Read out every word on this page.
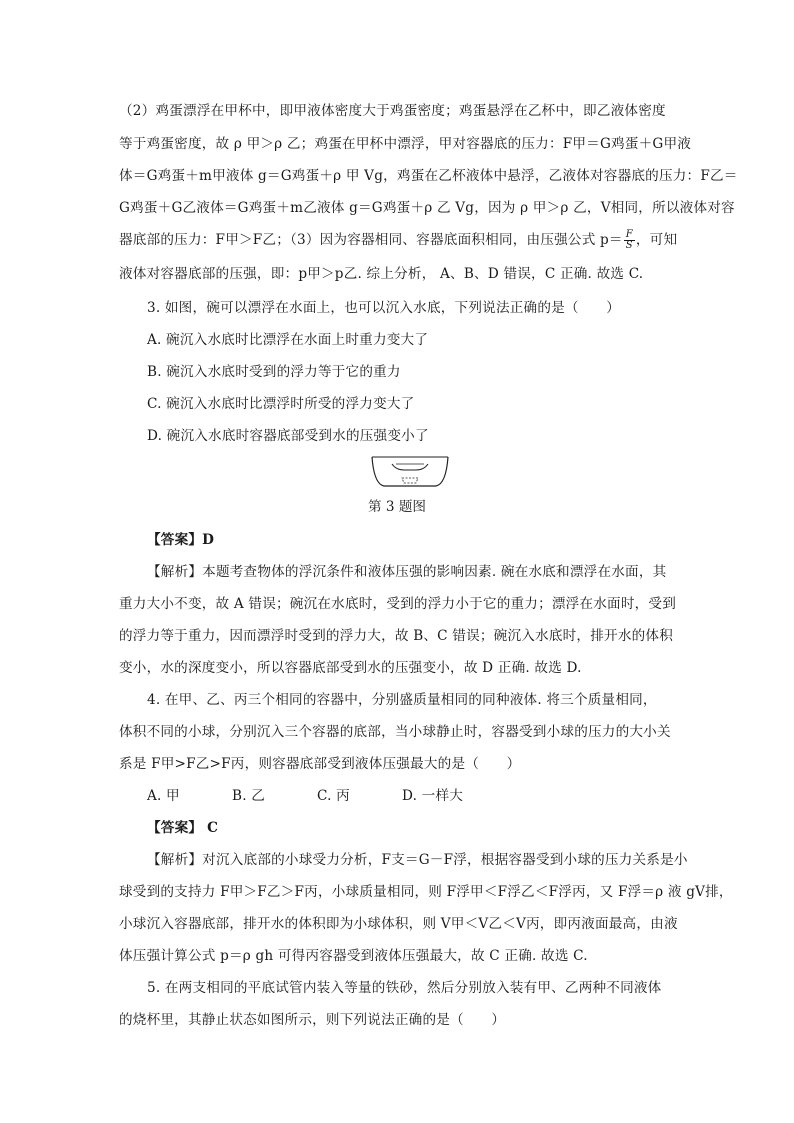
（2）鸡蛋漂浮在甲杯中，即甲液体密度大于鸡蛋密度；鸡蛋悬浮在乙杯中，即乙液体密度
等于鸡蛋密度，故 ρ 甲＞ρ 乙；鸡蛋在甲杯中漂浮，甲对容器底的压力：F甲＝G鸡蛋＋G甲液
体＝G鸡蛋＋m甲液体 g＝G鸡蛋＋ρ 甲 Vg，鸡蛋在乙杯液体中悬浮，乙液体对容器底的压力：F乙＝
G鸡蛋＋G乙液体＝G鸡蛋＋m乙液体 g＝G鸡蛋＋ρ 乙 Vg，因为 ρ 甲＞ρ 乙，V相同，所以液体对容
器底部的压力：F甲＞F乙；（3）因为容器相同、容器底面积相同，由压强公式 $p= \frac{F}{S}$ ，可知
液体对容器底部的压强，即：p甲＞p乙. 综上分析， A、B、D 错误，C 正确. 故选 C.
3. 如图，碗可以漂浮在水面上，也可以沉入水底，下列说法正确的是（　　）
A. 碗沉入水底时比漂浮在水面上时重力变大了
B. 碗沉入水底时受到的浮力等于它的重力
C. 碗沉入水底时比漂浮时所受的浮力变大了
D. 碗沉入水底时容器底部受到水的压强变小了
第 3 题图
【答案】D
【解析】本题考查物体的浮沉条件和液体压强的影响因素. 碗在水底和漂浮在水面，其
重力大小不变，故 A 错误；碗沉在水底时，受到的浮力小于它的重力；漂浮在水面时，受到
的浮力等于重力，因而漂浮时受到的浮力大，故 B、C 错误；碗沉入水底时，排开水的体积
变小，水的深度变小，所以容器底部受到水的压强变小，故 D 正确. 故选 D.
4. 在甲、乙、丙三个相同的容器中，分别盛质量相同的同种液体. 将三个质量相同，
体积不同的小球，分别沉入三个容器的底部，当小球静止时，容器受到小球的压力的大小关
系是 F甲>F乙>F丙，则容器底部受到液体压强最大的是（　　）
A. 甲	B. 乙	C. 丙	D. 一样大
【答案】 C
【解析】对沉入底部的小球受力分析，F支＝G－F浮，根据容器受到小球的压力关系是小
球受到的支持力 F甲＞F乙＞F丙，小球质量相同，则 F浮甲＜F浮乙＜F浮丙，又 F浮＝ρ 液 gV排，
小球沉入容器底部，排开水的体积即为小球体积，则 V甲＜V乙＜V丙，即丙液面最高，由液
体压强计算公式 p＝ρ gh 可得丙容器受到液体压强最大，故 C 正确. 故选 C.
5. 在两支相同的平底试管内装入等量的铁砂，然后分别放入装有甲、乙两种不同液体
的烧杯里，其静止状态如图所示，则下列说法正确的是（　　）
